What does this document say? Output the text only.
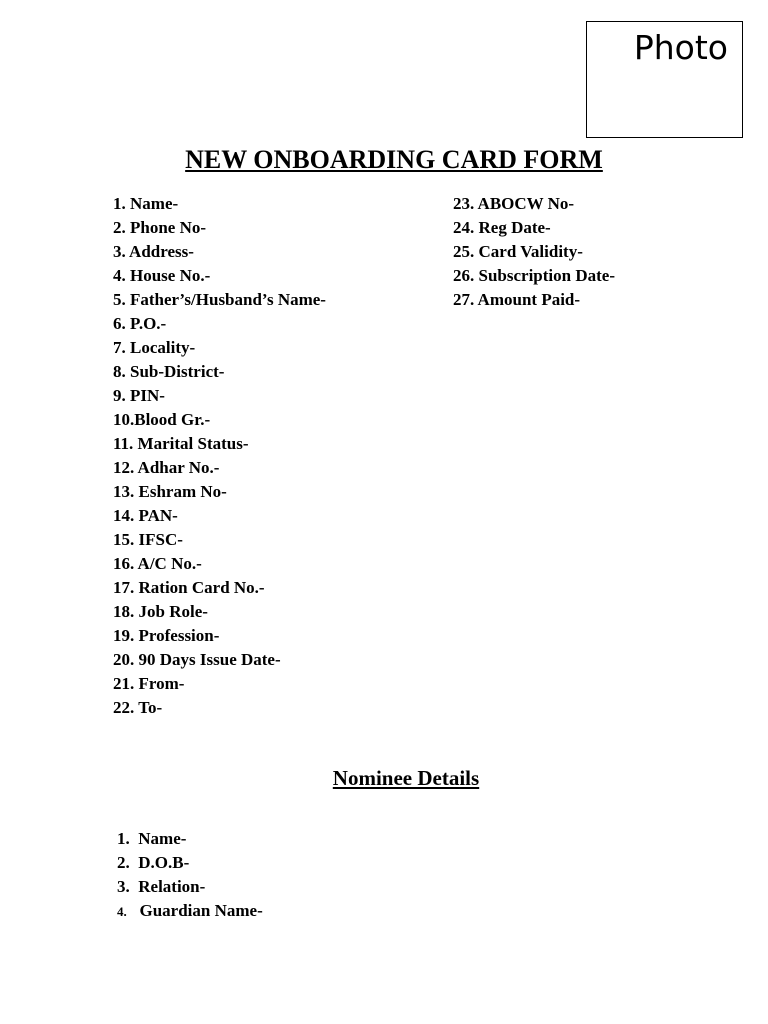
Photo
NEW ONBOARDING CARD FORM
1. Name-
2. Phone No-
3. Address-
4. House No.-
5. Father’s/Husband’s Name-
6. P.O.-
7. Locality-
8. Sub-District-
9. PIN-
10.Blood Gr.-
11. Marital Status-
12. Adhar No.-
13. Eshram No-
14. PAN-
15. IFSC-
16. A/C No.-
17. Ration Card No.-
18. Job Role-
19. Profession-
20. 90 Days Issue Date-
21. From-
22. To-
23. ABOCW No-
24. Reg Date-
25. Card Validity-
26. Subscription Date-
27. Amount Paid-
Nominee Details
1. Name-
2. D.O.B-
3. Relation-
4. Guardian Name-
